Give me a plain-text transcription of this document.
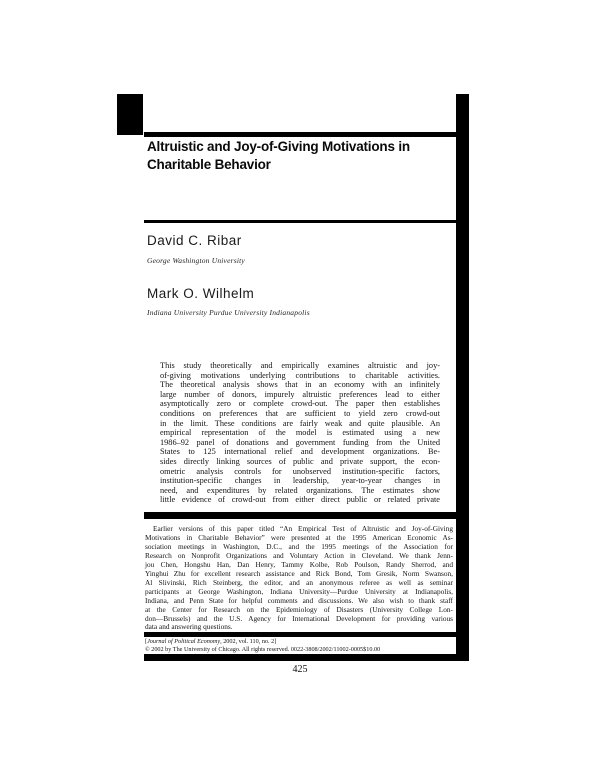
Altruistic and Joy-of-Giving Motivations in
Charitable Behavior
David C. Ribar
George Washington University
Mark O. Wilhelm
Indiana University Purdue University Indianapolis
This study theoretically and empirically examines altruistic and joy-
of-giving motivations underlying contributions to charitable activities.
The theoretical analysis shows that in an economy with an infinitely
large number of donors, impurely altruistic preferences lead to either
asymptotically zero or complete crowd-out. The paper then establishes
conditions on preferences that are sufficient to yield zero crowd-out
in the limit. These conditions are fairly weak and quite plausible. An
empirical representation of the model is estimated using a new
1986–92 panel of donations and government funding from the United
States to 125 international relief and development organizations. Be-
sides directly linking sources of public and private support, the econ-
ometric analysis controls for unobserved institution-specific factors,
institution-specific changes in leadership, year-to-year changes in
need, and expenditures by related organizations. The estimates show
little evidence of crowd-out from either direct public or related private
Earlier versions of this paper titled “An Empirical Test of Altruistic and Joy-of-Giving
Motivations in Charitable Behavior” were presented at the 1995 American Economic As-
sociation meetings in Washington, D.C., and the 1995 meetings of the Association for
Research on Nonprofit Organizations and Voluntary Action in Cleveland. We thank Jenn-
jou Chen, Hongshu Han, Dan Henry, Tammy Kolbe, Rob Poulson, Randy Sherrod, and
Yinghui Zhu for excellent research assistance and Rick Bond, Tom Gresik, Norm Swanson,
Al Slivinski, Rich Steinberg, the editor, and an anonymous referee as well as seminar
participants at George Washington, Indiana University—Purdue University at Indianapolis,
Indiana, and Penn State for helpful comments and discussions. We also wish to thank staff
at the Center for Research on the Epidemiology of Disasters (University College Lon-
don—Brussels) and the U.S. Agency for International Development for providing various
data and answering questions.
[Journal of Political Economy, 2002, vol. 110, no. 2]
© 2002 by The University of Chicago. All rights reserved. 0022-3808/2002/11002-0005$10.00
425
